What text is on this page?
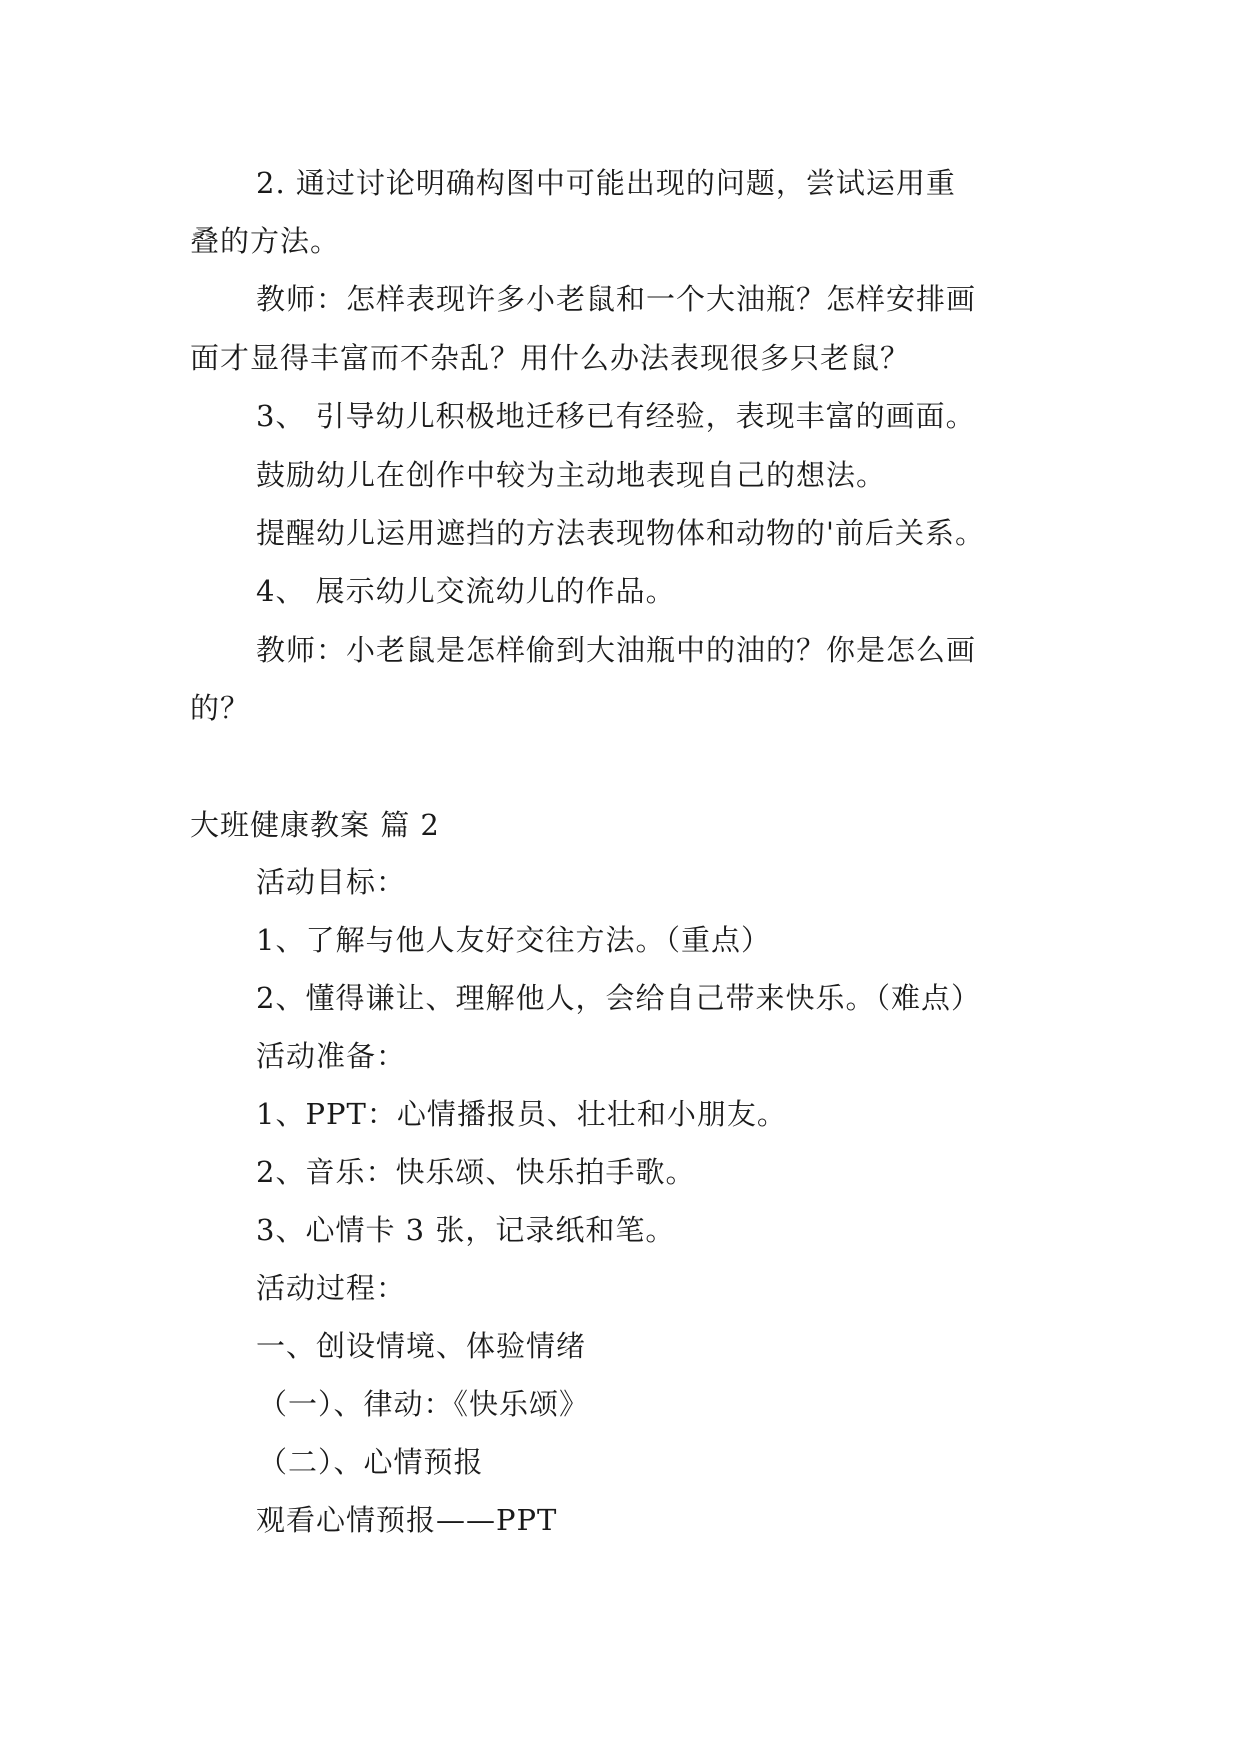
2. 通过讨论明确构图中可能出现的问题，尝试运用重
叠的方法。
教师：怎样表现许多小老鼠和一个大油瓶？怎样安排画
面才显得丰富而不杂乱？用什么办法表现很多只老鼠？
3、 引导幼儿积极地迁移已有经验，表现丰富的画面。
鼓励幼儿在创作中较为主动地表现自己的想法。
提醒幼儿运用遮挡的方法表现物体和动物的'前后关系。
4、 展示幼儿交流幼儿的作品。
教师：小老鼠是怎样偷到大油瓶中的油的？你是怎么画
的？
大班健康教案 篇 2
活动目标：
1、了解与他人友好交往方法。（重点）
2、懂得谦让、理解他人，会给自己带来快乐。（难点）
活动准备：
1、PPT：心情播报员、壮壮和小朋友。
2、音乐：快乐颂、快乐拍手歌。
3、心情卡 3 张，记录纸和笔。
活动过程：
一、创设情境、体验情绪
（一）、律动：《快乐颂》
（二）、心情预报
观看心情预报——PPT
